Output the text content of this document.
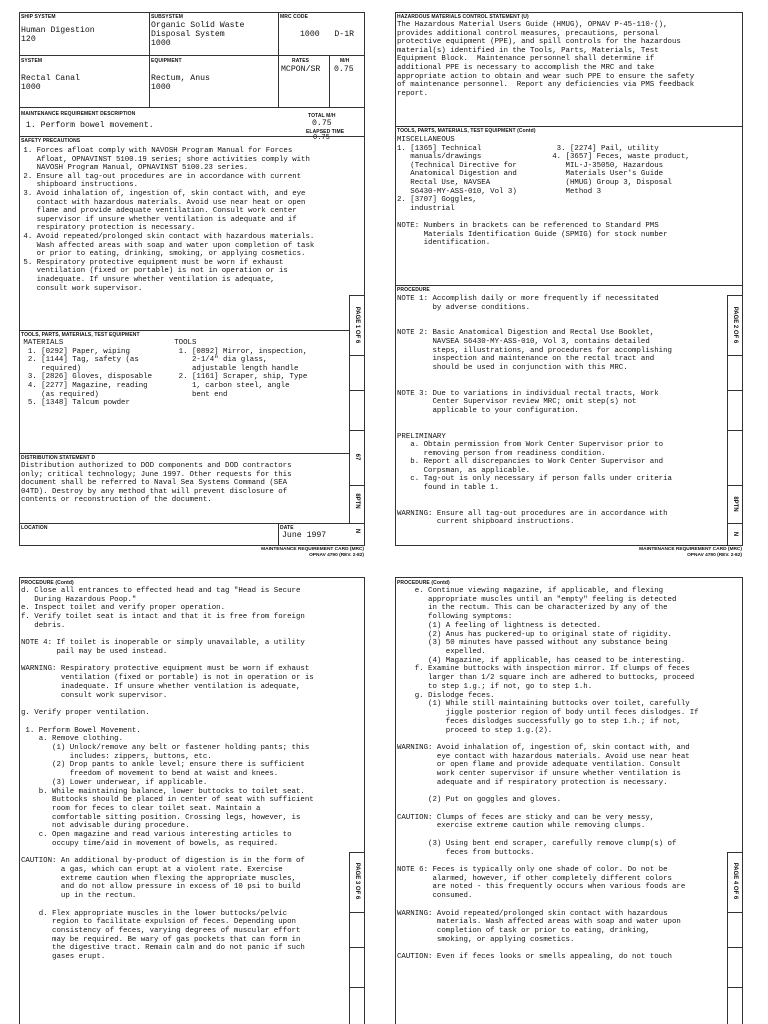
SHIP SYSTEM
Human Digestion
120
SUBSYSTEM
Organic Solid Waste
Disposal System
1000
MRC CODE
1000   D-1R
SYSTEM
Rectal Canal
1000
EQUIPMENT
Rectum, Anus
1000
RATES
MCPON/SR
M/H
0.75
MAINTENANCE REQUIREMENT DESCRIPTION
1. Perform bowel movement.
TOTAL M/H
0.75
ELAPSED TIME
0.75
SAFETY PRECAUTIONS
1. Forces afloat comply with NAVOSH Program Manual for Forces
Afloat, OPNAVINST 5100.19 series; shore activities comply with
NAVOSH Program Manual, OPNAVINST 5100.23 series.
2. Ensure all tag-out procedures are in accordance with current
shipboard instructions.
3. Avoid inhalation of, ingestion of, skin contact with, and eye
contact with hazardous materials. Avoid use near heat or open
flame and provide adequate ventilation. Consult work center
supervisor if unsure whether ventilation is adequate and if
respiratory protection is necessary.
4. Avoid repeated/prolonged skin contact with hazardous materials.
Wash affected areas with soap and water upon completion of task
or prior to eating, drinking, smoking, or applying cosmetics.
5. Respiratory protective equipment must be worn if exhaust
ventilation (fixed or portable) is not in operation or is
inadequate. If unsure whether ventilation is adequate,
consult work supervisor.
TOOLS, PARTS, MATERIALS, TEST EQUIPMENT
MATERIALS                         TOOLS
1. [0292] Paper, wiping           1. [0892] Mirror, inspection,
2. [1144] Tag, safety (as            2-1/4" dia glass,
required)                         adjustable length handle
3. [2826] Gloves, disposable      2. [1161] Scraper, ship, Type
4. [2277] Magazine, reading          1, carbon steel, angle
(as required)                     bent end
5. [1348] Talcum powder
DISTRIBUTION STATEMENT D
Distribution authorized to DOD components and DOD contractors
only; critical technology; June 1997. Other requests for this
document shall be referred to Naval Sea Systems Command (SEA
04TD). Destroy by any method that will prevent disclosure of
contents or reconstruction of the document.
LOCATION	DATE
June 1997
PAGE 1 OF 6
67
8PTN
N
MAINTENANCE REQUIREMENT CARD (MRC)
OPNAV 4790 (REV. 2-82)
HAZARDOUS MATERIALS CONTROL STATEMENT (U)
The Hazardous Material Users Guide (HMUG), OPNAV P-45-110-(),
provides additional control measures, precautions, personal
protective equipment (PPE), and spill controls for the hazardous
material(s) identified in the Tools, Parts, Materials, Test
Equipment Block.  Maintenance personnel shall determine if
additional PPE is necessary to accomplish the MRC and take
appropriate action to obtain and wear such PPE to ensure the safety
of maintenance personnel.  Report any deficiencies via PMS feedback
report.
TOOLS, PARTS, MATERIALS, TEST EQUIPMENT (Contd)
MISCELLANEOUS
1. [1365] Technical                 3. [2274] Pail, utility
manuals/drawings                4. [3657] Feces, waste product,
(Technical Directive for           MIL-J-35050, Hazardous
Anatomical Digestion and           Materials User's Guide
Rectal Use, NAVSEA                 (HMUG) Group 3, Disposal
S6430-MY-ASS-010, Vol 3)           Method 3
2. [3707] Goggles,
industrial

NOTE: Numbers in brackets can be referenced to Standard PMS
Materials Identification Guide (SPMIG) for stock number
identification.
PROCEDURE
NOTE 1: Accomplish daily or more frequently if necessitated
by adverse conditions.

NOTE 2: Basic Anatomical Digestion and Rectal Use Booklet,
NAVSEA S6430-MY-ASS-010, Vol 3, contains detailed
steps, illustrations, and procedures for accomplishing
inspection and maintenance on the rectal tract and
should be used in conjunction with this MRC.

NOTE 3: Due to variations in individual rectal tracts, Work
Center Supervisor review MRC; omit step(s) not
applicable to your configuration.

PRELIMINARY
a. Obtain permission from Work Center Supervisor prior to
removing person from readiness condition.
b. Report all discrepancies to Work Center Supervisor and
Corpsman, as applicable.
c. Tag-out is only necessary if person falls under criteria
found in table 1.

WARNING: Ensure all tag-out procedures are in accordance with
current shipboard instructions.
PAGE 2 OF 6
8PTN
N
MAINTENANCE REQUIREMENT CARD (MRC)
OPNAV 4790 (REV. 2-82)
PROCEDURE (Contd)
d. Close all entrances to effected head and tag "Head is Secure
During Hazardous Poop."
e. Inspect toilet and verify proper operation.
f. Verify toilet seat is intact and that it is free from foreign
debris.

NOTE 4: If toilet is inoperable or simply unavailable, a utility
pail may be used instead.

WARNING: Respiratory protective equipment must be worn if exhaust
ventilation (fixed or portable) is not in operation or is
inadequate. If unsure whether ventilation is adequate,
consult work supervisor.

g. Verify proper ventilation.

1. Perform Bowel Movement.
a. Remove clothing.
(1) Unlock/remove any belt or fastener holding pants; this
includes: zippers, buttons, etc.
(2) Drop pants to ankle level; ensure there is sufficient
freedom of movement to bend at waist and knees.
(3) Lower underwear, if applicable.
b. While maintaining balance, lower buttocks to toilet seat.
Buttocks should be placed in center of seat with sufficient
room for feces to clear toilet seat. Maintain a
comfortable sitting position. Crossing legs, however, is
not advisable during procedure.
c. Open magazine and read various interesting articles to
occupy time/aid in movement of bowels, as required.

CAUTION: An additional by-product of digestion is in the form of
a gas, which can erupt at a violent rate. Exercise
extreme caution when flexing the appropriate muscles,
and do not allow pressure in excess of 10 psi to build
up in the rectum.

d. Flex appropriate muscles in the lower buttocks/pelvic
region to facilitate expulsion of feces. Depending upon
consistency of feces, varying degrees of muscular effort
may be required. Be wary of gas pockets that can form in
the digestive tract. Remain calm and do not panic if such
gases erupt.
PAGE 3 OF 6
PROCEDURE (Contd)
e. Continue viewing magazine, if applicable, and flexing
appropriate muscles until an "empty" feeling is detected
in the rectum. This can be characterized by any of the
following symptoms:
(1) A feeling of lightness is detected.
(2) Anus has puckered-up to original state of rigidity.
(3) 50 minutes have passed without any substance being
expelled.
(4) Magazine, if applicable, has ceased to be interesting.
f. Examine buttocks with inspection mirror. If clumps of feces
larger than 1/2 square inch are adhered to buttocks, proceed
to step 1.g.; if not, go to step 1.h.
g. Dislodge feces.
(1) While still maintaining buttocks over toilet, carefully
jiggle posterior region of body until feces dislodges. If
feces dislodges successfully go to step 1.h.; if not,
proceed to step 1.g.(2).

WARNING: Avoid inhalation of, ingestion of, skin contact with, and
eye contact with hazardous materials. Avoid use near heat
or open flame and provide adequate ventilation. Consult
work center supervisor if unsure whether ventilation is
adequate and if respiratory protection is necessary.

(2) Put on goggles and gloves.

CAUTION: Clumps of feces are sticky and can be very messy,
exercise extreme caution while removing clumps.

(3) Using bent end scraper, carefully remove clump(s) of
feces from buttocks.

NOTE 6: Feces is typically only one shade of color. Do not be
alarmed, however, if other completely different colors
are noted - this frequently occurs when various foods are
consumed.

WARNING: Avoid repeated/prolonged skin contact with hazardous
materials. Wash affected areas with soap and water upon
completion of task or prior to eating, drinking,
smoking, or applying cosmetics.

CAUTION: Even if feces looks or smells appealing, do not touch
PAGE 4 OF 6
